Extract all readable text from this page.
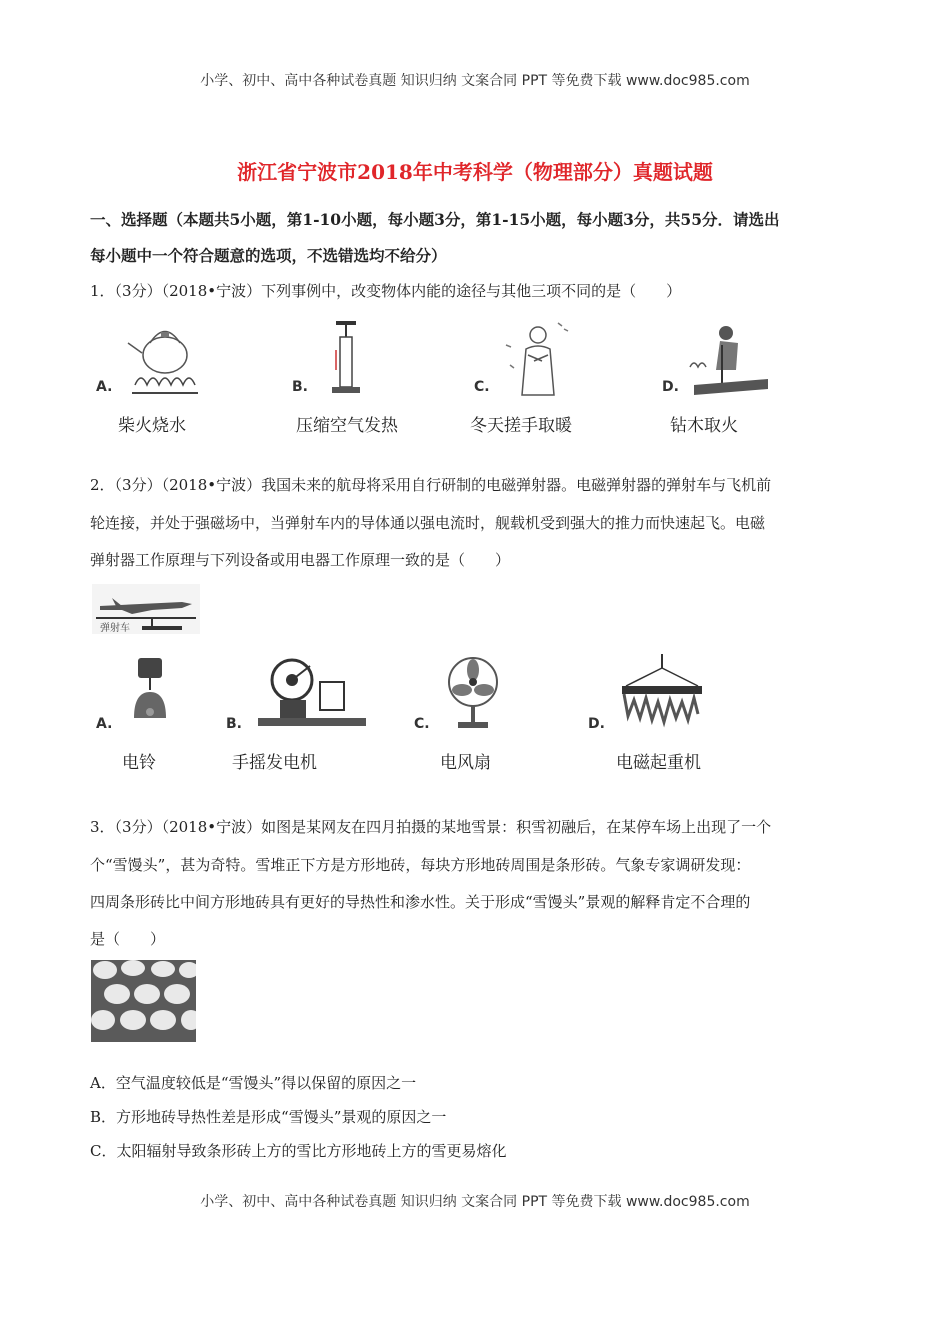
小学、初中、高中各种试卷真题 知识归纳 文案合同 PPT 等免费下载 www.doc985.com
浙江省宁波市2018年中考科学（物理部分）真题试题
一、选择题（本题共5小题，第1-10小题，每小题3分，第1-15小题，每小题3分，共55分．请选出
每小题中一个符合题意的选项，不选错选均不给分）
1．（3分）（2018•宁波）下列事例中，改变物体内能的途径与其他三项不同的是（　　）
A.
柴火烧水
B.
压缩空气发热
C.
冬天搓手取暖
D.
钻木取火
2．（3分）（2018•宁波）我国未来的航母将采用自行研制的电磁弹射器。电磁弹射器的弹射车与飞机前
轮连接，并处于强磁场中，当弹射车内的导体通以强电流时，舰载机受到强大的推力而快速起飞。电磁
弹射器工作原理与下列设备或用电器工作原理一致的是（　　）
弹射车
A.
电铃
B.
手摇发电机
C.
电风扇
D.
电磁起重机
3．（3分）（2018•宁波）如图是某网友在四月拍摄的某地雪景：积雪初融后，在某停车场上出现了一个
个“雪馒头”，甚为奇特。雪堆正下方是方形地砖，每块方形地砖周围是条形砖。气象专家调研发现：
四周条形砖比中间方形地砖具有更好的导热性和渗水性。关于形成“雪馒头”景观的解释肯定不合理的
是（　　）
A．空气温度较低是“雪馒头”得以保留的原因之一
B．方形地砖导热性差是形成“雪馒头”景观的原因之一
C．太阳辐射导致条形砖上方的雪比方形地砖上方的雪更易熔化
小学、初中、高中各种试卷真题 知识归纳 文案合同 PPT 等免费下载 www.doc985.com
